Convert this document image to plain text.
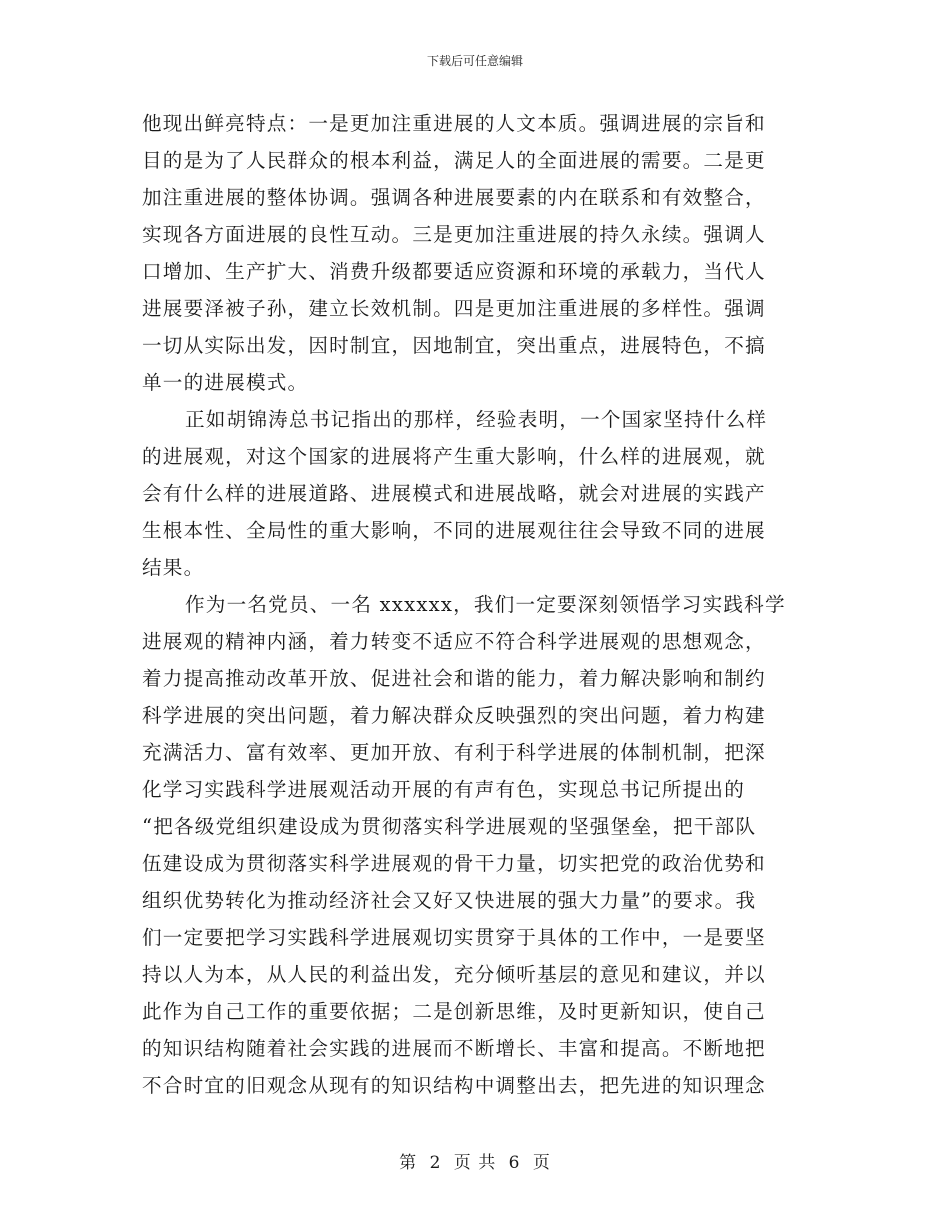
下载后可任意编辑
他现出鲜亮特点：一是更加注重进展的人文本质。强调进展的宗旨和
目的是为了人民群众的根本利益，满足人的全面进展的需要。二是更
加注重进展的整体协调。强调各种进展要素的内在联系和有效整合，
实现各方面进展的良性互动。三是更加注重进展的持久永续。强调人
口增加、生产扩大、消费升级都要适应资源和环境的承载力，当代人
进展要泽被子孙，建立长效机制。四是更加注重进展的多样性。强调
一切从实际出发，因时制宜，因地制宜，突出重点，进展特色，不搞
单一的进展模式。
正如胡锦涛总书记指出的那样，经验表明，一个国家坚持什么样
的进展观，对这个国家的进展将产生重大影响，什么样的进展观，就
会有什么样的进展道路、进展模式和进展战略，就会对进展的实践产
生根本性、全局性的重大影响，不同的进展观往往会导致不同的进展
结果。
作为一名党员、一名 xxxxxx，我们一定要深刻领悟学习实践科学
进展观的精神内涵，着力转变不适应不符合科学进展观的思想观念，
着力提高推动改革开放、促进社会和谐的能力，着力解决影响和制约
科学进展的突出问题，着力解决群众反映强烈的突出问题，着力构建
充满活力、富有效率、更加开放、有利于科学进展的体制机制，把深
化学习实践科学进展观活动开展的有声有色，实现总书记所提出的
“把各级党组织建设成为贯彻落实科学进展观的坚强堡垒，把干部队
伍建设成为贯彻落实科学进展观的骨干力量，切实把党的政治优势和
组织优势转化为推动经济社会又好又快进展的强大力量”的要求。我
们一定要把学习实践科学进展观切实贯穿于具体的工作中，一是要坚
持以人为本，从人民的利益出发，充分倾听基层的意见和建议，并以
此作为自己工作的重要依据；二是创新思维，及时更新知识，使自己
的知识结构随着社会实践的进展而不断增长、丰富和提高。不断地把
不合时宜的旧观念从现有的知识结构中调整出去，把先进的知识理念
第 2 页 共 6 页
